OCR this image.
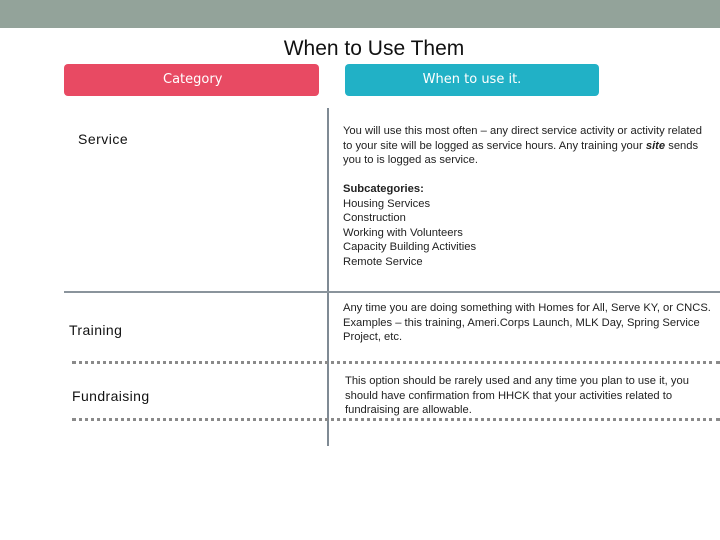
When to Use Them
Category	When to use it.
Service	You will use this most often – any direct service activity or activity related to your site will be logged as service hours. Any training your site sends you to is logged as service.

Subcategories:
Housing Services
Construction
Working with Volunteers
Capacity Building Activities
Remote Service
Training

Any time you are doing something with Homes for All, Serve KY, or CNCS.

Examples – this training, Ameri.Corps Launch, MLK Day, Spring Service Project, etc.

Fundraising

This option should be rarely used and any time you plan to use it, you should have confirmation from HHCK that your activities related to fundraising are allowable.
